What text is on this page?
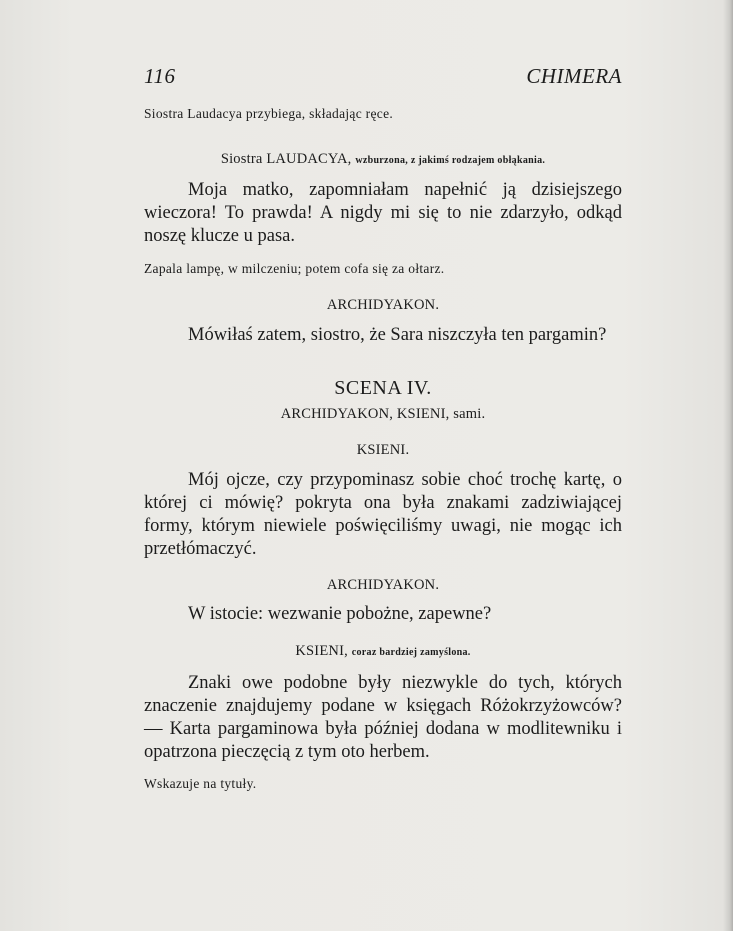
116	CHIMERA

Siostra Laudacya przybiega, składając ręce.

Siostra LAUDACYA, wzburzona, z jakimś rodzajem obłąkania.

Moja matko, zapomniałam napełnić ją dzisiejszego wieczora! To prawda! A nigdy mi się to nie zdarzyło, odkąd noszę klucze u pasa.

Zapala lampę, w milczeniu; potem cofa się za ołtarz.

ARCHIDYAKON.

Mówiłaś zatem, siostro, że Sara niszczyła ten pargamin?

SCENA IV.

ARCHIDYAKON, KSIENI, sami.

KSIENI.

Mój ojcze, czy przypominasz sobie choć trochę kartę, o której ci mówię? pokryta ona była znakami zadziwiającej formy, którym niewiele poświęciliśmy uwagi, nie mogąc ich przetłómaczyć.

ARCHIDYAKON.

W istocie: wezwanie pobożne, zapewne?

KSIENI, coraz bardziej zamyślona.

Znaki owe podobne były niezwykle do tych, których znaczenie znajdujemy podane w księgach Różokrzyżowców? — Karta pargaminowa była później dodana w modlitewniku i opatrzona pieczęcią z tym oto herbem.

Wskazuje na tytuły.
